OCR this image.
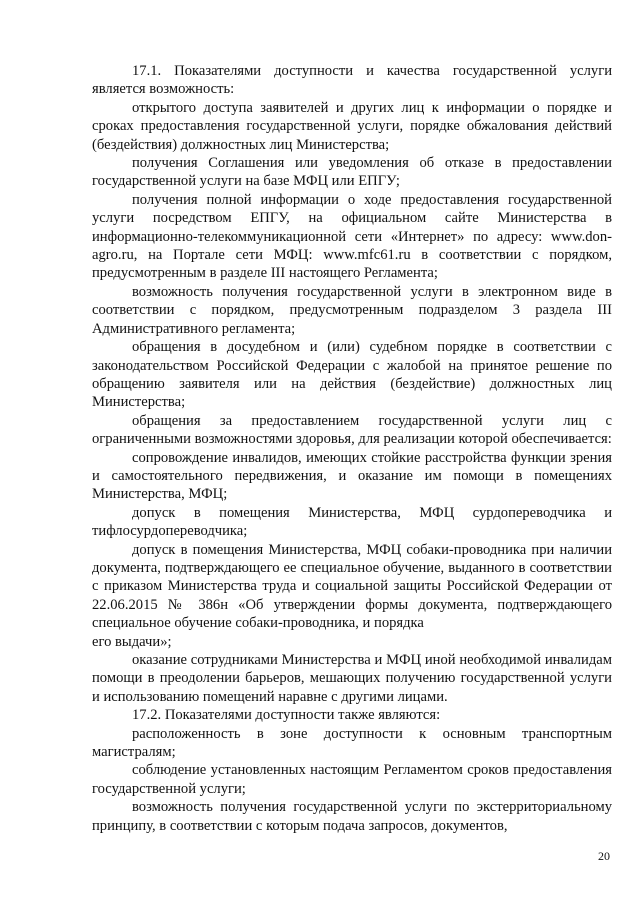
17.1. Показателями доступности и качества государственной услуги является возможность:

открытого доступа заявителей и других лиц к информации о порядке и сроках предоставления государственной услуги, порядке обжалования действий (бездействия) должностных лиц Министерства;

получения Соглашения или уведомления об отказе в предоставлении государственной услуги на базе МФЦ или ЕПГУ;

получения полной информации о ходе предоставления государственной услуги посредством ЕПГУ, на официальном сайте Министерства в информационно-телекоммуникационной сети «Интернет» по адресу: www.don-agro.ru, на Портале сети МФЦ: www.mfc61.ru в соответствии с порядком, предусмотренным в разделе III настоящего Регламента;

возможность получения государственной услуги в электронном виде в соответствии с порядком, предусмотренным подразделом 3 раздела III Административного регламента;

обращения в досудебном и (или) судебном порядке в соответствии с законодательством Российской Федерации с жалобой на принятое решение по обращению заявителя или на действия (бездействие) должностных лиц Министерства;

обращения за предоставлением государственной услуги лиц с ограниченными возможностями здоровья, для реализации которой обеспечивается:

сопровождение инвалидов, имеющих стойкие расстройства функции зрения и самостоятельного передвижения, и оказание им помощи в помещениях Министерства, МФЦ;

допуск в помещения Министерства, МФЦ сурдопереводчика и тифлосурдопереводчика;

допуск в помещения Министерства, МФЦ собаки-проводника при наличии документа, подтверждающего ее специальное обучение, выданного в соответствии с приказом Министерства труда и социальной защиты Российской Федерации от 22.06.2015 № 386н «Об утверждении формы документа, подтверждающего специальное обучение собаки-проводника, и порядка

его выдачи»;

оказание сотрудниками Министерства и МФЦ иной необходимой инвалидам помощи в преодолении барьеров, мешающих получению государственной услуги и использованию помещений наравне с другими лицами.

17.2. Показателями доступности также являются:

расположенность в зоне доступности к основным транспортным магистралям;

соблюдение установленных настоящим Регламентом сроков предоставления государственной услуги;

возможность получения государственной услуги по экстерриториальному принципу, в соответствии с которым подача запросов, документов,

20
